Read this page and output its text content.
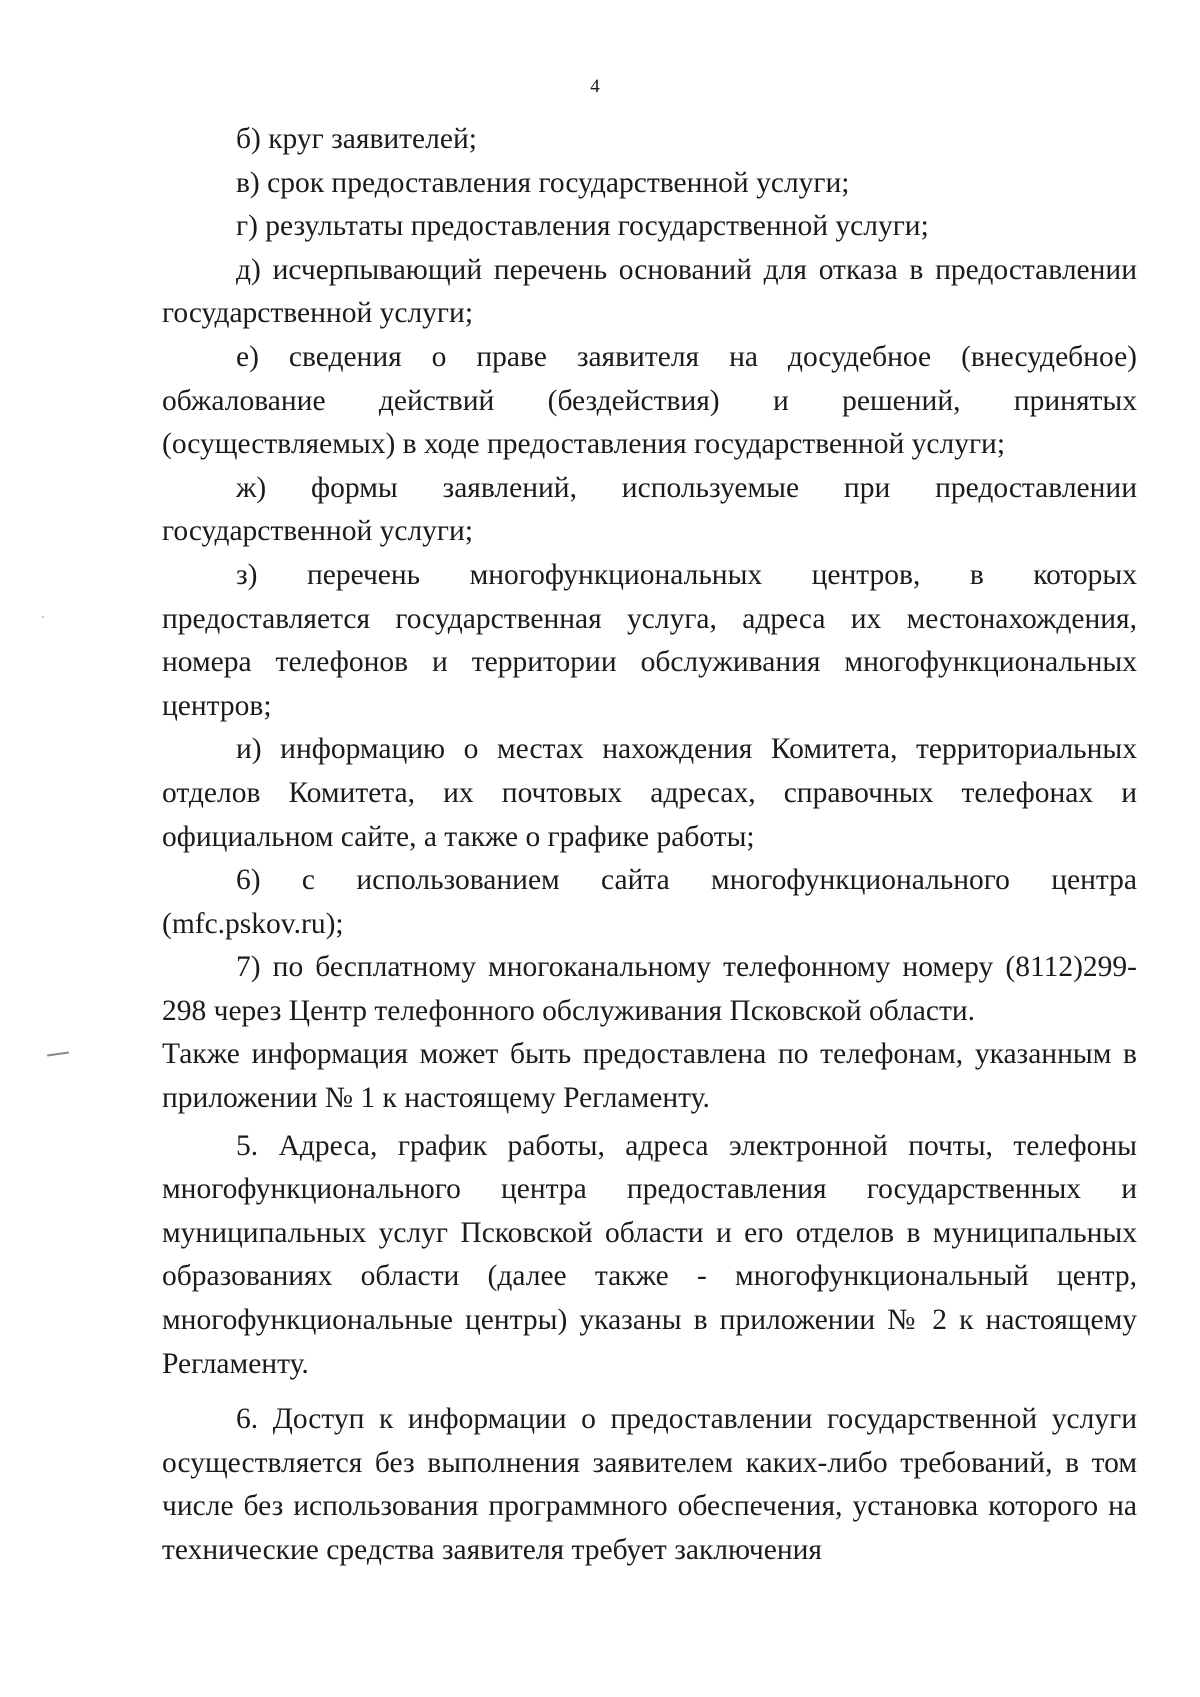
4

б) круг заявителей;

в) срок предоставления государственной услуги;

г) результаты предоставления государственной услуги;

д) исчерпывающий перечень оснований для отказа в предоставлении государственной услуги;

е) сведения о праве заявителя на досудебное (внесудебное) обжалование действий (бездействия) и решений, принятых (осуществляемых) в ходе предоставления государственной услуги;

ж) формы заявлений, используемые при предоставлении государственной услуги;

з) перечень многофункциональных центров, в которых предоставляется государственная услуга, адреса их местонахождения, номера телефонов и территории обслуживания многофункциональных центров;

и) информацию о местах нахождения Комитета, территориальных отделов Комитета, их почтовых адресах, справочных телефонах и официальном сайте, а также о графике работы;

6) с использованием сайта многофункционального центра (mfc.pskov.ru);

7) по бесплатному многоканальному телефонному номеру (8112)299-298 через Центр телефонного обслуживания Псковской области.

Также информация может быть предоставлена по телефонам, указанным в приложении № 1 к настоящему Регламенту.

5. Адреса, график работы, адреса электронной почты, телефоны многофункционального центра предоставления государственных и муниципальных услуг Псковской области и его отделов в муниципальных образованиях области (далее также - многофункциональный центр, многофункциональные центры) указаны в приложении № 2 к настоящему Регламенту.

6. Доступ к информации о предоставлении государственной услуги осуществляется без выполнения заявителем каких-либо требований, в том числе без использования программного обеспечения, установка которого на технические средства заявителя требует заключения
